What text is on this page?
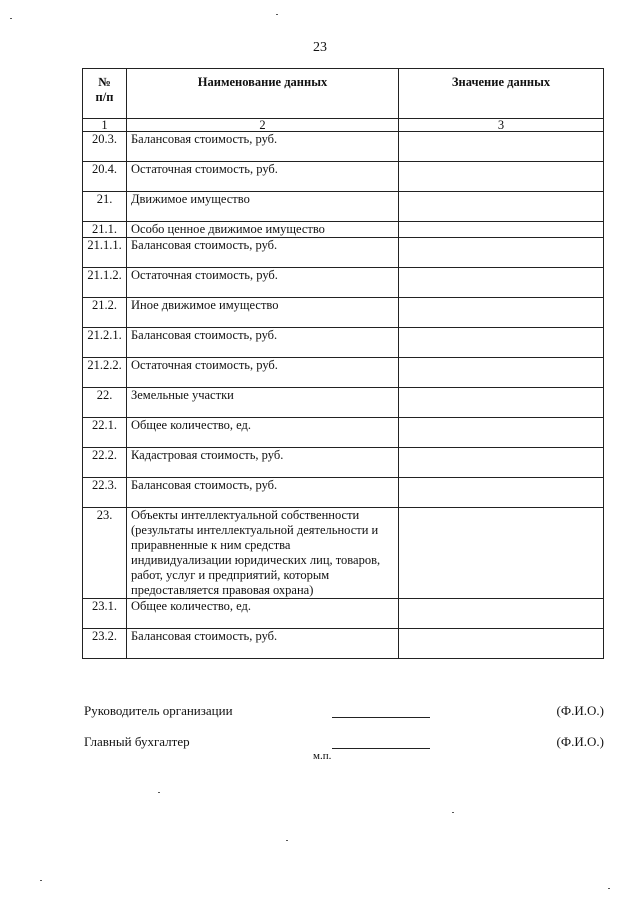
23
№
п/п	Наименование данных	Значение данных
1	2	3
20.3.	Балансовая стоимость, руб.	
20.4.	Остаточная стоимость, руб.	
21.	Движимое имущество	
21.1.	Особо ценное движимое имущество	
21.1.1.	Балансовая стоимость, руб.	
21.1.2.	Остаточная стоимость, руб.	
21.2.	Иное движимое имущество	
21.2.1.	Балансовая стоимость, руб.	
21.2.2.	Остаточная стоимость, руб.	
22.	Земельные участки	
22.1.	Общее количество, ед.	
22.2.	Кадастровая стоимость, руб.	
22.3.	Балансовая стоимость, руб.	
23.	Объекты интеллектуальной собственности (результаты интеллектуальной деятельности и приравненные к ним средства индивидуализации юридических лиц, товаров, работ, услуг и предприятий, которым предоставляется правовая охрана)	
23.1.	Общее количество, ед.	
23.2.	Балансовая стоимость, руб.	
Руководитель организации	(Ф.И.О.)
Главный бухгалтер	(Ф.И.О.)
м.п.
